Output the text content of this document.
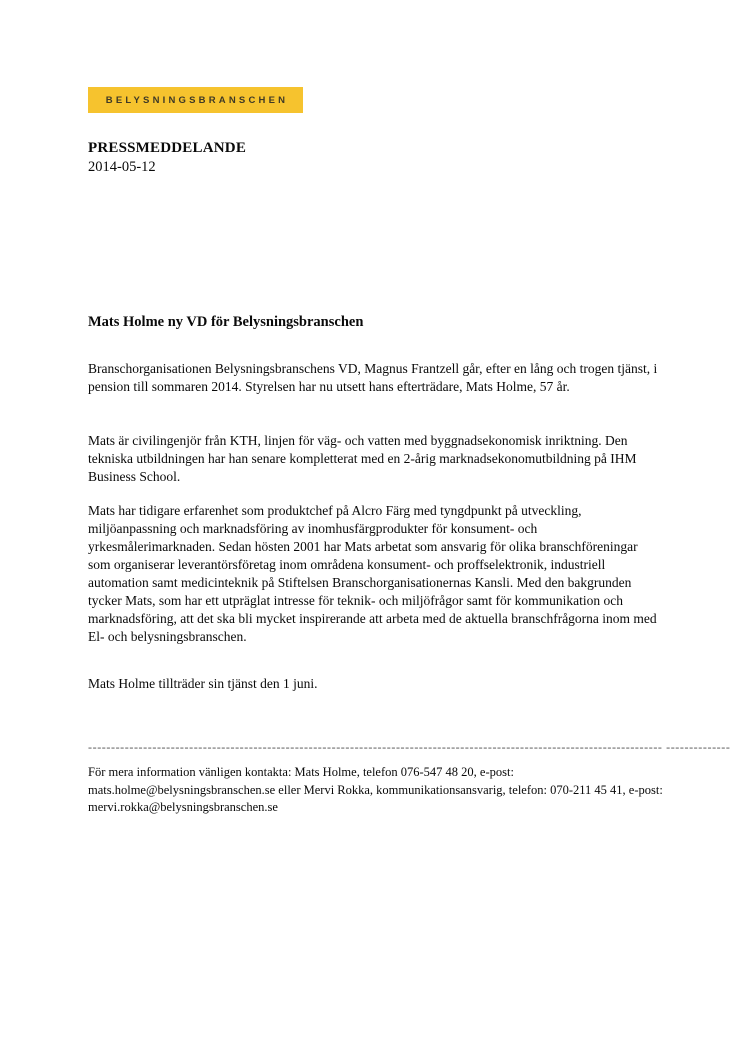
BELYSNINGSBRANSCHEN
PRESSMEDDELANDE
2014-05-12
Mats Holme ny VD för Belysningsbranschen

Branschorganisationen Belysningsbranschens VD, Magnus Frantzell går, efter en lång och trogen tjänst, i pension till sommaren 2014. Styrelsen har nu utsett hans efterträdare, Mats Holme, 57 år.

Mats är civilingenjör från KTH, linjen för väg- och vatten med byggnadsekonomisk inriktning. Den tekniska utbildningen har han senare kompletterat med en 2-årig marknadsekonomutbildning på IHM Business School.

Mats har tidigare erfarenhet som produktchef på Alcro Färg med tyngdpunkt på utveckling, miljöanpassning och marknadsföring av inomhusfärgprodukter för konsument- och yrkesmålerimarknaden. Sedan hösten 2001 har Mats arbetat som ansvarig för olika branschföreningar som organiserar leverantörsföretag inom områdena konsument- och proffselektronik, industriell automation samt medicinteknik på Stiftelsen Branschorganisationernas Kansli. Med den bakgrunden tycker Mats, som har ett utpräglat intresse för teknik- och miljöfrågor samt för kommunikation och marknadsföring, att det ska bli mycket inspirerande att arbeta med de aktuella branschfrågorna inom med El- och belysningsbranschen.

Mats Holme tillträder sin tjänst den 1 juni.

----------------------------------------------------------------------------------------------------------------------------- --------------

För mera information vänligen kontakta: Mats Holme, telefon 076-547 48 20, e-post: mats.holme@belysningsbranschen.se eller Mervi Rokka, kommunikationsansvarig, telefon: 070-211 45 41, e-post: mervi.rokka@belysningsbranschen.se
